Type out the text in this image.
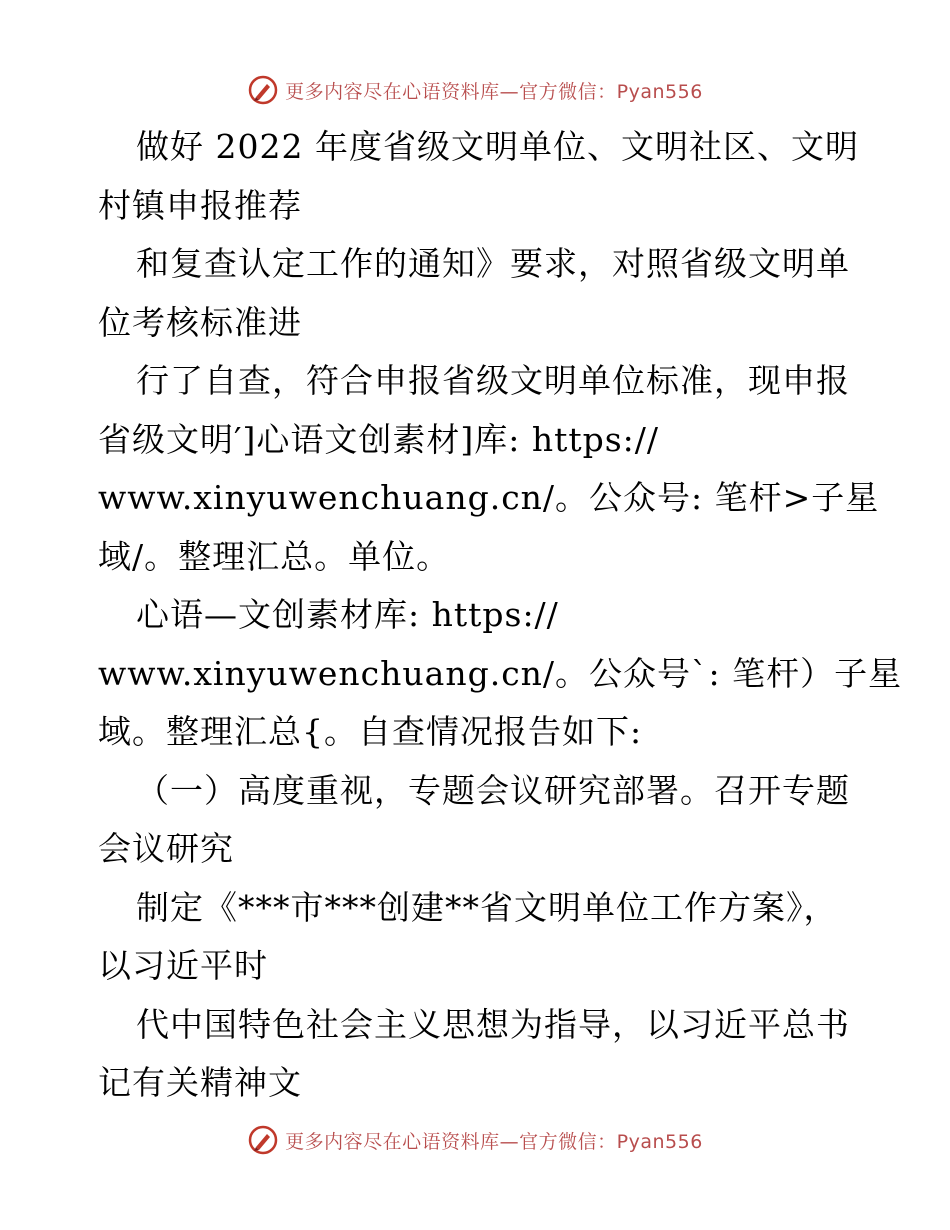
更多内容尽在心语资料库—官方微信：Pyan556
做好 2022 年度省级文明单位、文明社区、文明
村镇申报推荐
和复查认定工作的通知》要求，对照省级文明单
位考核标准进
行了自查，符合申报省级文明单位标准，现申报
省级文明′]心语文创素材]库: https://
www.xinyuwenchuang.cn/。公众号: 笔杆>子星
域/。整理汇总。单位。
心语—文创素材库: https://
www.xinyuwenchuang.cn/。公众号`: 笔杆）子星
域。整理汇总{。自查情况报告如下:
（一）高度重视，专题会议研究部署。召开专题
会议研究
制定《***市***创建**省文明单位工作方案》，
以习近平时
代中国特色社会主义思想为指导，以习近平总书
记有关精神文
更多内容尽在心语资料库—官方微信：Pyan556
